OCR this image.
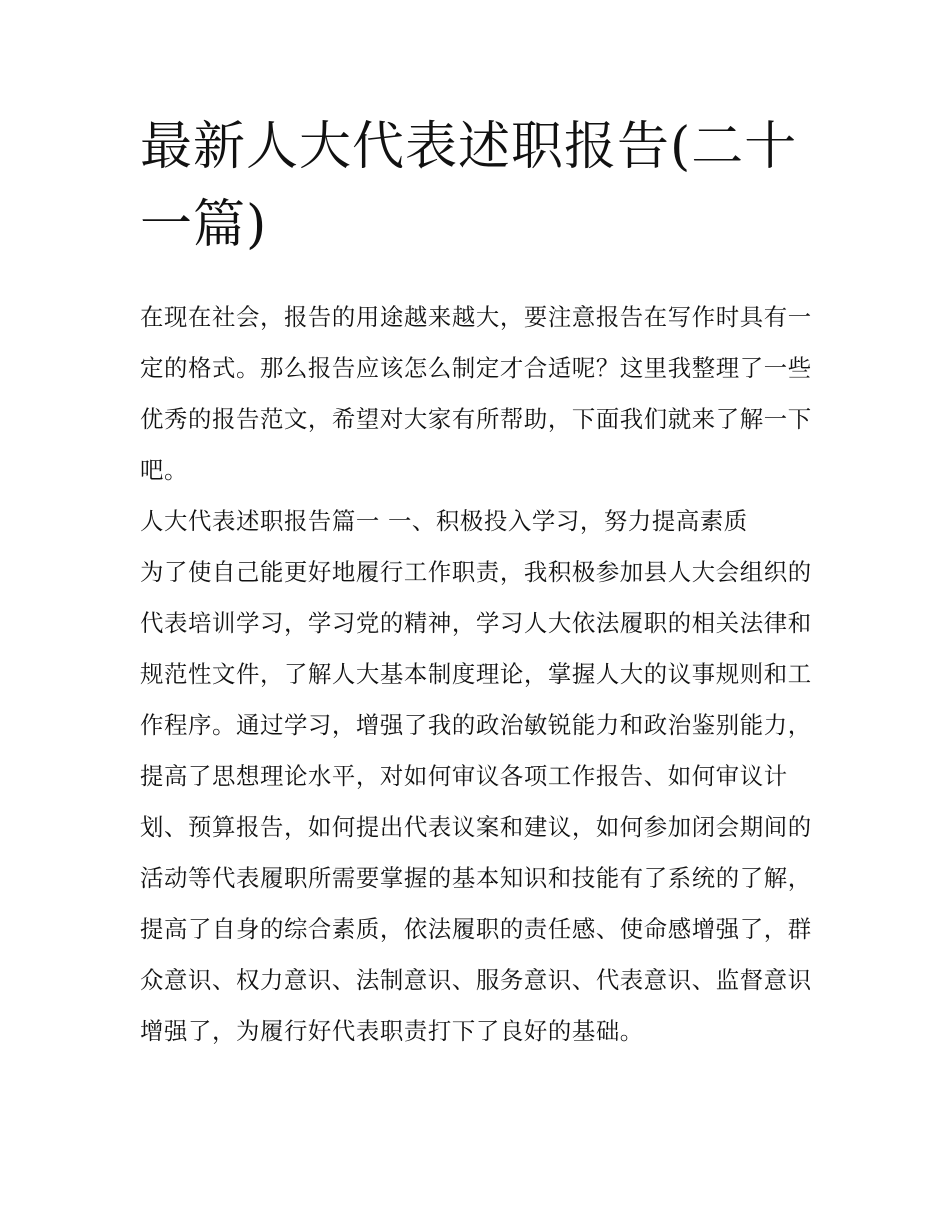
最新人大代表述职报告(二十一篇)

在现在社会，报告的用途越来越大，要注意报告在写作时具有一定的格式。那么报告应该怎么制定才合适呢？这里我整理了一些优秀的报告范文，希望对大家有所帮助，下面我们就来了解一下吧。

人大代表述职报告篇一 一、积极投入学习，努力提高素质

为了使自己能更好地履行工作职责，我积极参加县人大会组织的代表培训学习，学习党的精神，学习人大依法履职的相关法律和规范性文件，了解人大基本制度理论，掌握人大的议事规则和工作程序。通过学习，增强了我的政治敏锐能力和政治鉴别能力，提高了思想理论水平，对如何审议各项工作报告、如何审议计划、预算报告，如何提出代表议案和建议，如何参加闭会期间的活动等代表履职所需要掌握的基本知识和技能有了系统的了解，提高了自身的综合素质，依法履职的责任感、使命感增强了，群众意识、权力意识、法制意识、服务意识、代表意识、监督意识增强了，为履行好代表职责打下了良好的基础。
